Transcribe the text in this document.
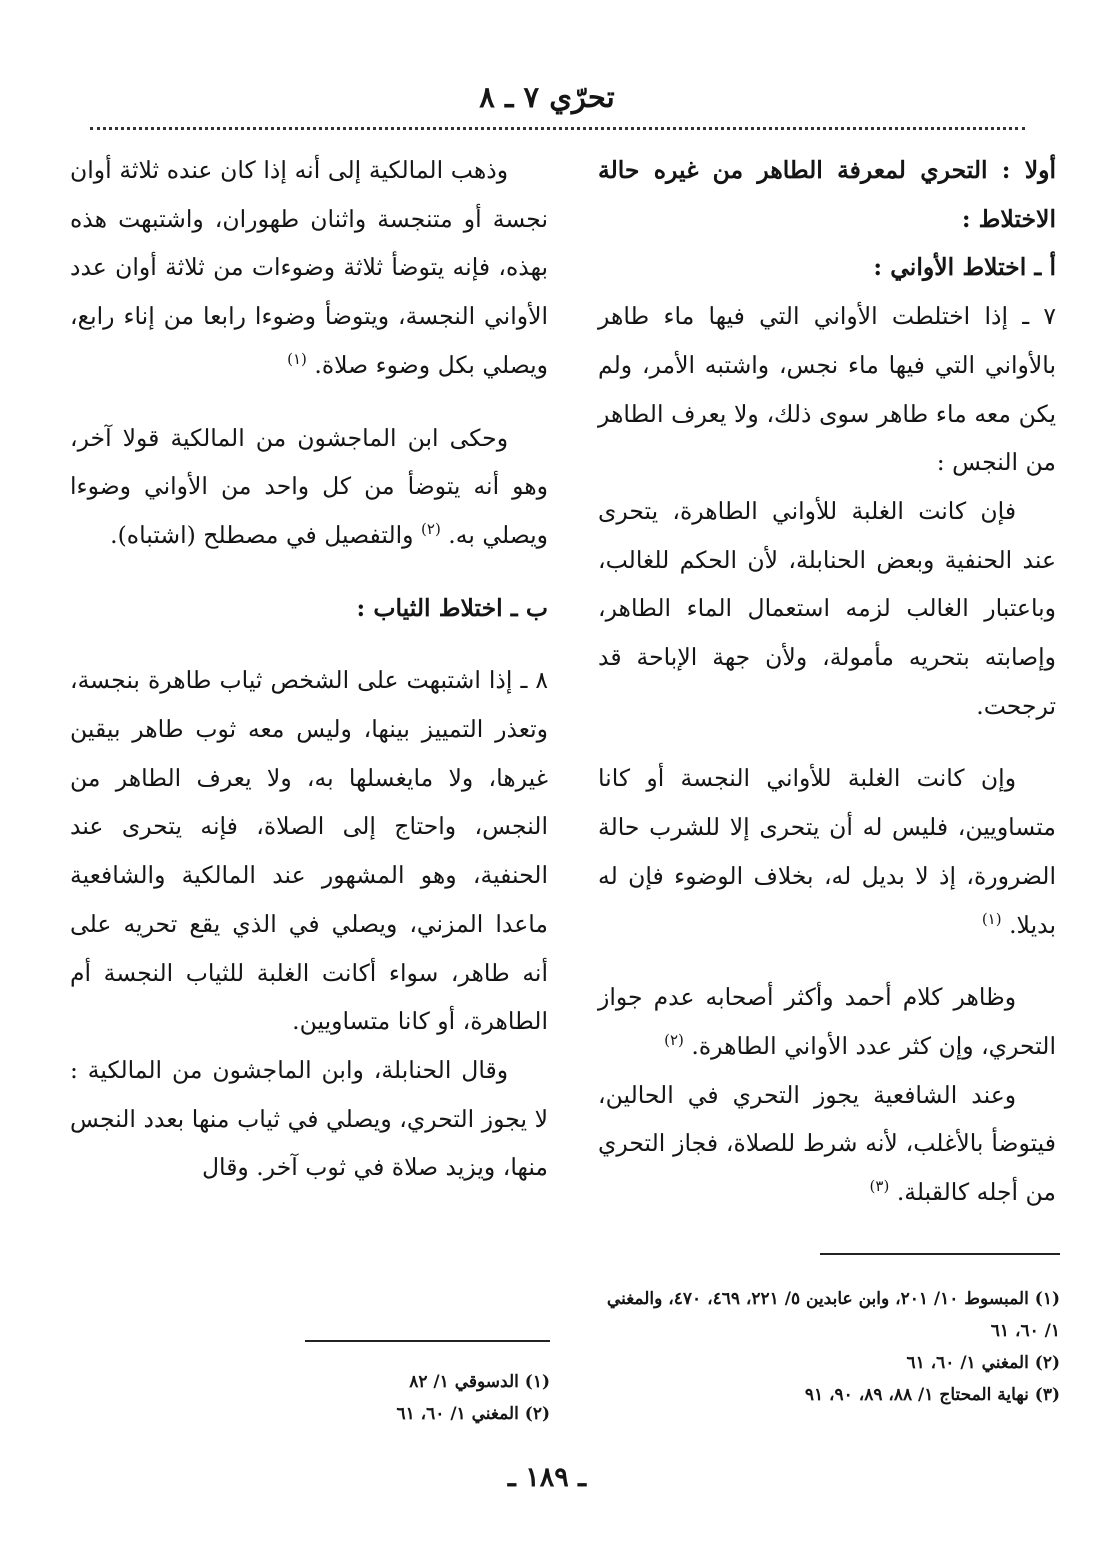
تحرّي ٧ ـ ٨

أولا : التحري لمعرفة الطاهر من غيره حالة الاختلاط :

أ ـ اختلاط الأواني :

٧ ـ إذا اختلطت الأواني التي فيها ماء طاهر بالأواني التي فيها ماء نجس، واشتبه الأمر، ولم يكن معه ماء طاهر سوى ذلك، ولا يعرف الطاهر من النجس :

فإن كانت الغلبة للأواني الطاهرة، يتحرى عند الحنفية وبعض الحنابلة، لأن الحكم للغالب، وباعتبار الغالب لزمه استعمال الماء الطاهر، وإصابته بتحريه مأمولة، ولأن جهة الإباحة قد ترجحت.

وإن كانت الغلبة للأواني النجسة أو كانا متساويين، فليس له أن يتحرى إلا للشرب حالة الضرورة، إذ لا بديل له، بخلاف الوضوء فإن له بديلا. $^{(١)}$

وظاهر كلام أحمد وأكثر أصحابه عدم جواز التحري، وإن كثر عدد الأواني الطاهرة. $^{(٢)}$

وعند الشافعية يجوز التحري في الحالين، فيتوضأ بالأغلب، لأنه شرط للصلاة، فجاز التحري من أجله كالقبلة. $^{(٣)}$

وذهب المالكية إلى أنه إذا كان عنده ثلاثة أوان نجسة أو متنجسة واثنان طهوران، واشتبهت هذه بهذه، فإنه يتوضأ ثلاثة وضوءات من ثلاثة أوان عدد الأواني النجسة، ويتوضأ وضوءا رابعا من إناء رابع، ويصلي بكل وضوء صلاة. $^{(١)}$

وحكى ابن الماجشون من المالكية قولا آخر، وهو أنه يتوضأ من كل واحد من الأواني وضوءا ويصلي به. $^{(٢)}$ والتفصيل في مصطلح (اشتباه).

ب ـ اختلاط الثياب :

٨ ـ إذا اشتبهت على الشخص ثياب طاهرة بنجسة، وتعذر التمييز بينها، وليس معه ثوب طاهر بيقين غيرها، ولا مايغسلها به، ولا يعرف الطاهر من النجس، واحتاج إلى الصلاة، فإنه يتحرى عند الحنفية، وهو المشهور عند المالكية والشافعية ماعدا المزني، ويصلي في الذي يقع تحريه على أنه طاهر، سواء أكانت الغلبة للثياب النجسة أم الطاهرة، أو كانا متساويين.

وقال الحنابلة، وابن الماجشون من المالكية : لا يجوز التحري، ويصلي في ثياب منها بعدد النجس منها، ويزيد صلاة في ثوب آخر. وقال

(١) المبسوط ١٠/ ٢٠١، وابن عابدين ٥/ ٢٢١، ٤٦٩، ٤٧٠، والمغني ١/ ٦٠، ٦١

(٢) المغني ١/ ٦٠، ٦١

(٣) نهاية المحتاج ١/ ٨٨، ٨٩، ٩٠، ٩١

(١) الدسوقي ١/ ٨٢

(٢) المغني ١/ ٦٠، ٦١

ـ ١٨٩ ـ
